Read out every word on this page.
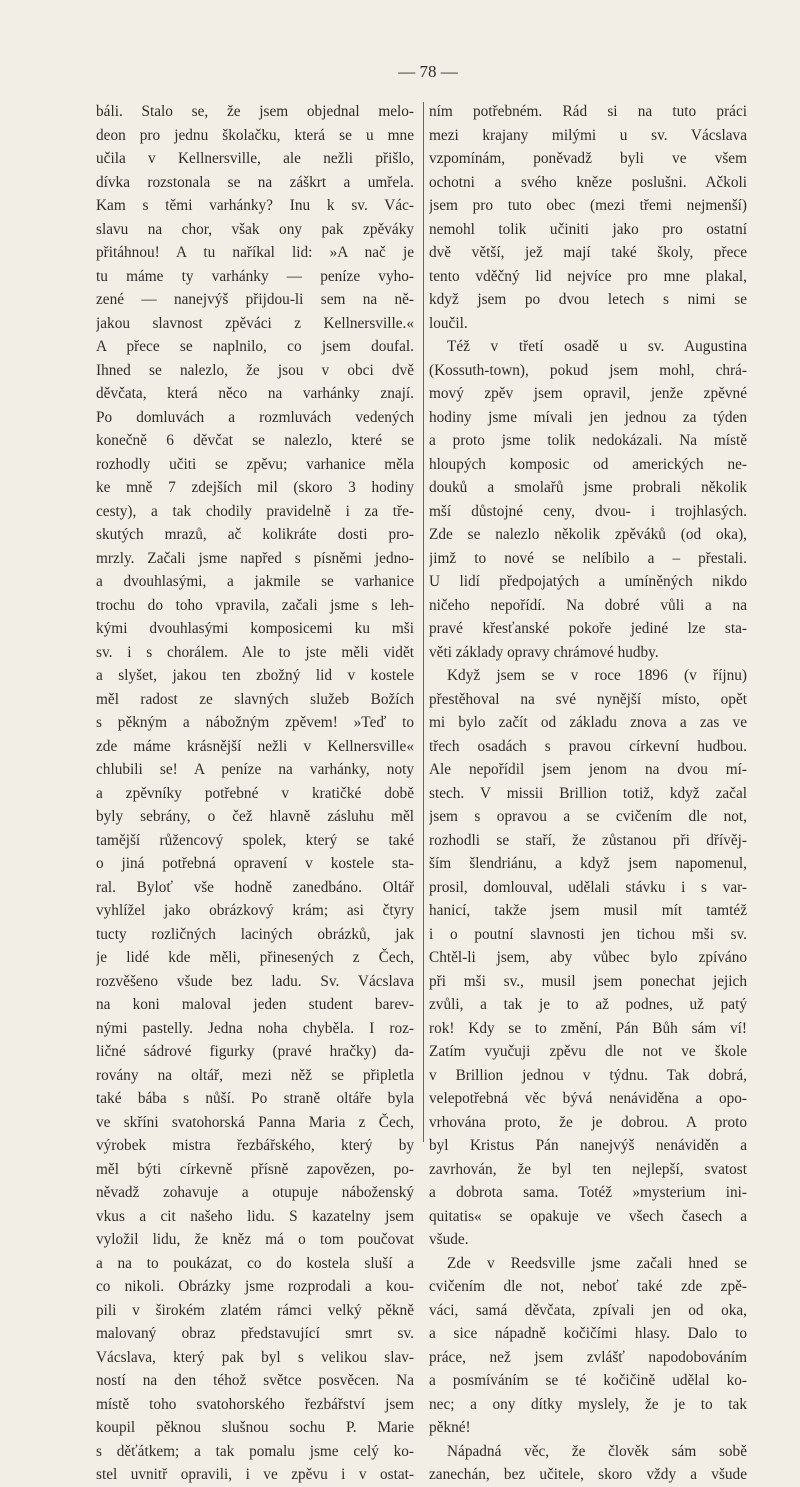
— 78 —
báli. Stalo se, že jsem objednal melo-
deon pro jednu školačku, která se u mne
učila v Kellnersville, ale nežli přišlo,
dívka rozstonala se na záškrt a umřela.
Kam s těmi varhánky? Inu k sv. Vác-
slavu na chor, však ony pak zpěváky
přitáhnou! A tu naříkal lid: »A nač je
tu máme ty varhánky — peníze vyho-
zené — nanejvýš přijdou-li sem na ně-
jakou slavnost zpěváci z Kellnersville.«
A přece se naplnilo, co jsem doufal.
Ihned se nalezlo, že jsou v obci dvě
děvčata, která něco na varhánky znají.
Po domluvách a rozmluvách vedených
konečně 6 děvčat se nalezlo, které se
rozhodly učiti se zpěvu; varhanice měla
ke mně 7 zdejších mil (skoro 3 hodiny
cesty), a tak chodily pravidelně i za tře-
skutých mrazů, ač kolikráte dosti pro-
mrzly. Začali jsme napřed s písněmi jedno-
a dvouhlasými, a jakmile se varhanice
trochu do toho vpravila, začali jsme s leh-
kými dvouhlasými komposicemi ku mši
sv. i s chorálem. Ale to jste měli vidět
a slyšet, jakou ten zbožný lid v kostele
měl radost ze slavných služeb Božích
s pěkným a nábožným zpěvem! »Teď to
zde máme krásnější nežli v Kellnersville«
chlubili se! A peníze na varhánky, noty
a zpěvníky potřebné v kratičké době
byly sebrány, o čež hlavně zásluhu měl
tamější růžencový spolek, který se také
o jiná potřebná opravení v kostele sta-
ral. Byloť vše hodně zanedbáno. Oltář
vyhlížel jako obrázkový krám; asi čtyry
tucty rozličných laciných obrázků, jak
je lidé kde měli, přinesených z Čech,
rozvěšeno všude bez ladu. Sv. Vácslava
na koni maloval jeden student barev-
nými pastelly. Jedna noha chyběla. I roz-
ličné sádrové figurky (pravé hračky) da-
rovány na oltář, mezi něž se připletla
také bába s nůší. Po straně oltáře byla
ve skříni svatohorská Panna Maria z Čech,
výrobek mistra řezbářského, který by
měl býti církevně přísně zapovězen, po-
něvadž zohavuje a otupuje náboženský
vkus a cit našeho lidu. S kazatelny jsem
vyložil lidu, že kněz má o tom poučovat
a na to poukázat, co do kostela sluší a
co nikoli. Obrázky jsme rozprodali a kou-
pili v širokém zlatém rámci velký pěkně
malovaný obraz představující smrt sv.
Vácslava, který pak byl s velikou slav-
ností na den téhož světce posvěcen. Na
místě toho svatohorského řezbářství jsem
koupil pěknou slušnou sochu P. Marie
s děťátkem; a tak pomalu jsme celý ko-
stel uvnitř opravili, i ve zpěvu i v ostat-
ním potřebném. Rád si na tuto práci
mezi krajany milými u sv. Vácslava
vzpomínám, poněvadž byli ve všem
ochotni a svého kněze poslušni. Ačkoli
jsem pro tuto obec (mezi třemi nejmenší)
nemohl tolik učiniti jako pro ostatní
dvě větší, jež mají také školy, přece
tento vděčný lid nejvíce pro mne plakal,
když jsem po dvou letech s nimi se
loučil.
Též v třetí osadě u sv. Augustina
(Kossuth-town), pokud jsem mohl, chrá-
mový zpěv jsem opravil, jenže zpěvné
hodiny jsme mívali jen jednou za týden
a proto jsme tolik nedokázali. Na místě
hloupých komposic od amerických ne-
douků a smolařů jsme probrali několik
mší důstojné ceny, dvou- i trojhlasých.
Zde se nalezlo několik zpěváků (od oka),
jimž to nové se nelíbilo a – přestali.
U lidí předpojatých a umíněných nikdo
ničeho nepořídí. Na dobré vůli a na
pravé křesťanské pokoře jediné lze sta-
věti základy opravy chrámové hudby.
Když jsem se v roce 1896 (v říjnu)
přestěhoval na své nynější místo, opět
mi bylo začít od základu znova a zas ve
třech osadách s pravou církevní hudbou.
Ale nepořídil jsem jenom na dvou mí-
stech. V missii Brillion totiž, když začal
jsem s opravou a se cvičením dle not,
rozhodli se staří, že zůstanou při dřívěj-
ším šlendriánu, a když jsem napomenul,
prosil, domlouval, udělali stávku i s var-
hanicí, takže jsem musil mít tamtéž
i o poutní slavnosti jen tichou mši sv.
Chtěl-li jsem, aby vůbec bylo zpíváno
při mši sv., musil jsem ponechat jejich
zvůli, a tak je to až podnes, už patý
rok! Kdy se to změní, Pán Bůh sám ví!
Zatím vyučuji zpěvu dle not ve škole
v Brillion jednou v týdnu. Tak dobrá,
velepotřebná věc bývá nenáviděna a opo-
vrhována proto, že je dobrou. A proto
byl Kristus Pán nanejvýš nenáviděn a
zavrhován, že byl ten nejlepší, svatost
a dobrota sama. Totéž »mysterium ini-
quitatis« se opakuje ve všech časech a
všude.
Zde v Reedsville jsme začali hned se
cvičením dle not, neboť také zde zpě-
váci, samá děvčata, zpívali jen od oka,
a sice nápadně kočičími hlasy. Dalo to
práce, než jsem zvlášť napodobováním
a posmíváním se té kočičině udělal ko-
nec; a ony dítky myslely, že je to tak
pěkné!
Nápadná věc, že člověk sám sobě
zanechán, bez učitele, skoro vždy a všude
